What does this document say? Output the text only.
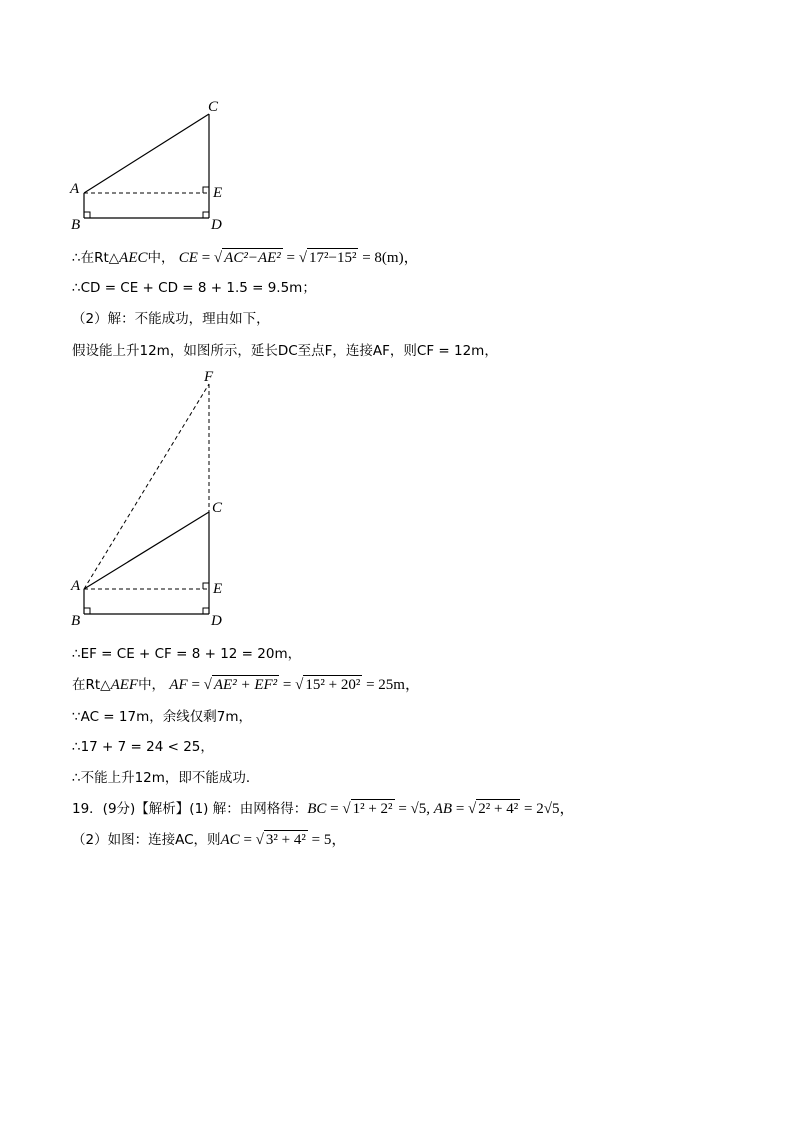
C
A	E
B	D
F
C
A	E
B	D
∴在Rt△AEC中， CE = √ AC²−AE² = √ 17²−15² = 8(m)，
∴CD = CE + CD = 8 + 1.5 = 9.5m；
（2）解：不能成功，理由如下，
假设能上升12m，如图所示，延长DC至点F，连接AF，则CF = 12m，
∴EF = CE + CF = 8 + 12 = 20m，
在Rt△AEF中， AF = √ AE² + EF² = √ 15² + 20² = 25m，
∵AC = 17m，余线仅剩7m，
∴17 + 7 = 24 < 25，
∴不能上升12m，即不能成功．
19．(9分)【解析】(1) 解：由网格得：BC = √ 1² + 2² = √5, AB = √ 2² + 4² = 2√5，
（2）如图：连接AC，则AC = √ 3² + 4² = 5，
